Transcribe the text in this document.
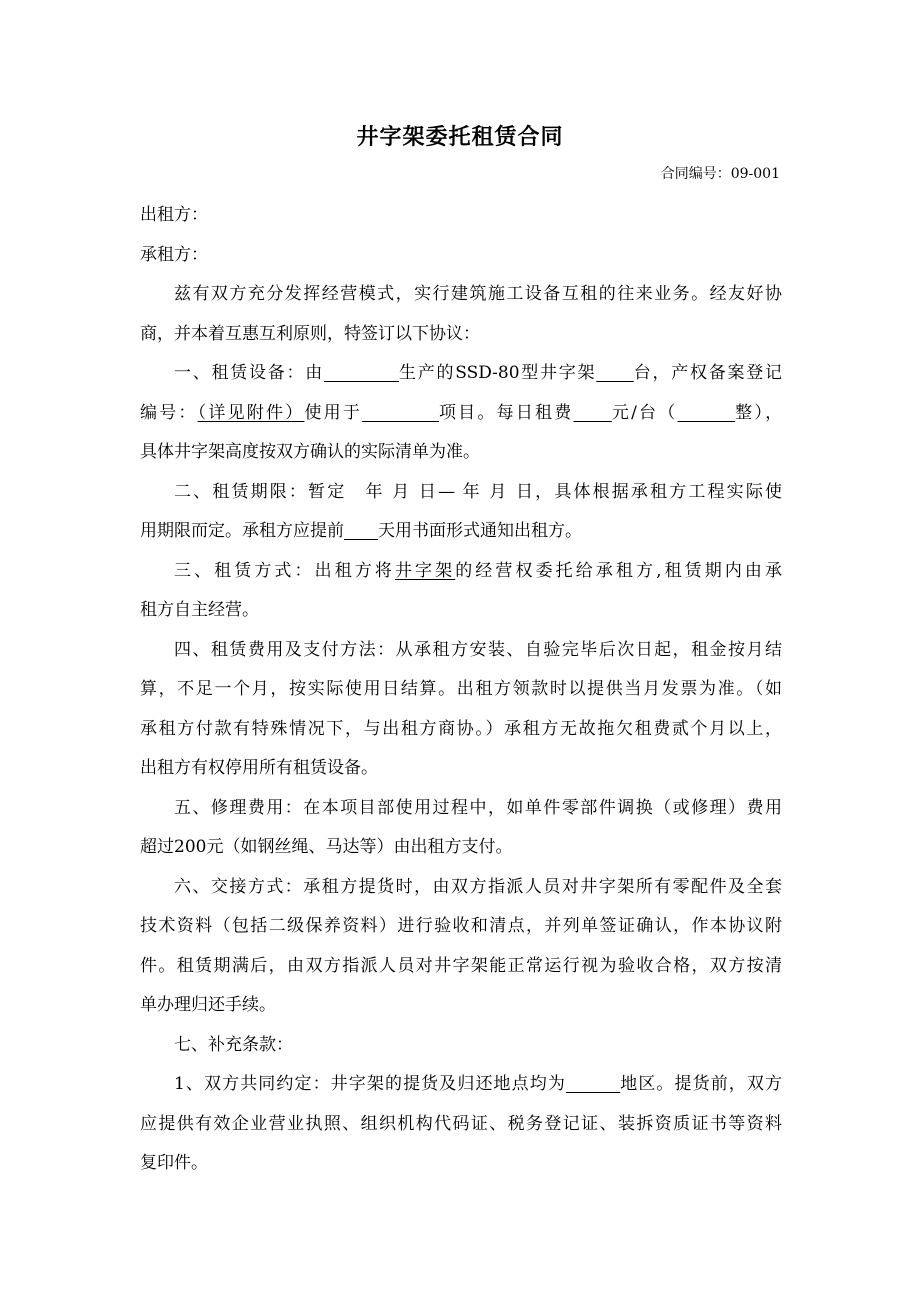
井字架委托租赁合同
合同编号：09-001
出租方：
承租方：
兹有双方充分发挥经营模式，实行建筑施工设备互租的往来业务。经友好协
商，并本着互惠互利原则，特签订以下协议：
一、租赁设备：由　　　　	生产的SSD-80型井字架　　 台，产权备案登记
编号：（详见附件）使用于　　　　	项目。每日租费　　 元/台（　　　	整），
具体井字架高度按双方确认的实际清单为准。
二、租赁期限：暂定　年 月 日— 年 月 日，具体根据承租方工程实际使
用期限而定。承租方应提前　　 天用书面形式通知出租方。
三、租赁方式：出租方将井字架的经营权委托给承租方,租赁期内由承
租方自主经营。
四、租赁费用及支付方法：从承租方安装、自验完毕后次日起，租金按月结
算，不足一个月，按实际使用日结算。出租方领款时以提供当月发票为准。（如
承租方付款有特殊情况下，与出租方商协。）承租方无故拖欠租费贰个月以上，
出租方有权停用所有租赁设备。
五、修理费用：在本项目部使用过程中，如单件零部件调换（或修理）费用
超过200元（如钢丝绳、马达等）由出租方支付。
六、交接方式：承租方提货时，由双方指派人员对井字架所有零配件及全套
技术资料（包括二级保养资料）进行验收和清点，并列单签证确认，作本协议附
件。租赁期满后，由双方指派人员对井字架能正常运行视为验收合格，双方按清
单办理归还手续。
七、补充条款：
1、双方共同约定：井字架的提货及归还地点均为　　　	地区。提货前，双方
应提供有效企业营业执照、组织机构代码证、税务登记证、装拆资质证书等资料
复印件。
